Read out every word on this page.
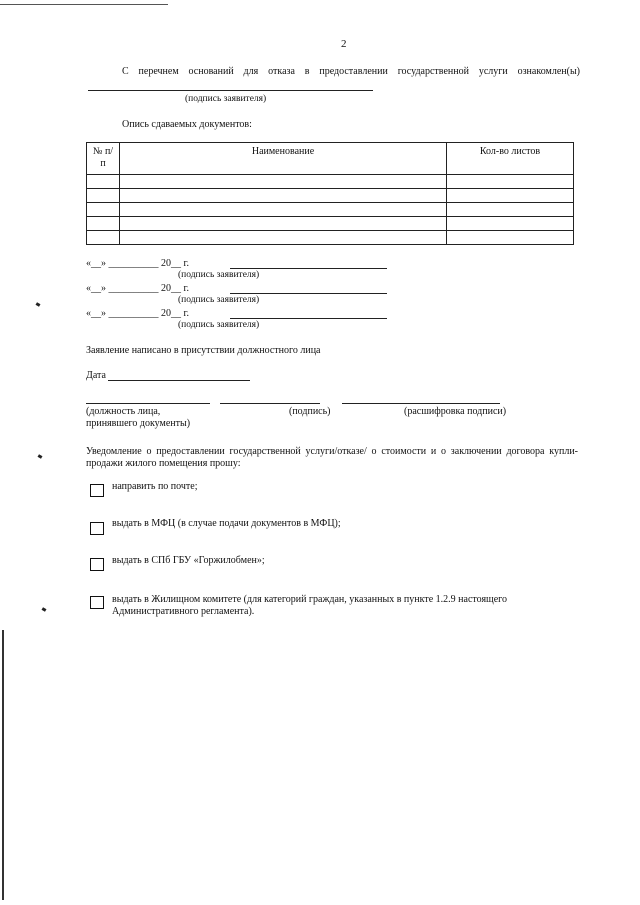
2
С перечнем оснований для отказа в предоставлении государственной услуги ознакомлен(ы)
(подпись заявителя)
Опись сдаваемых документов:
№ п/п	Наименование	Кол-во листов

«__» __________ 20__ г.
(подпись заявителя)
«__» __________ 20__ г.
(подпись заявителя)
«__» __________ 20__ г.
(подпись заявителя)
Заявление написано в присутствии должностного лица
Дата
(должность лица,
принявшего документы)
(подпись)	(расшифровка подписи)
Уведомление о предоставлении государственной услуги/отказе/ о стоимости и о заключении договора купли-
продажи жилого помещения прошу:
направить по почте;
выдать в МФЦ (в случае подачи документов в МФЦ);
выдать в СПб ГБУ «Горжилобмен»;
выдать в Жилищном комитете (для категорий граждан, указанных в пункте 1.2.9 настоящего
Административного регламента).
